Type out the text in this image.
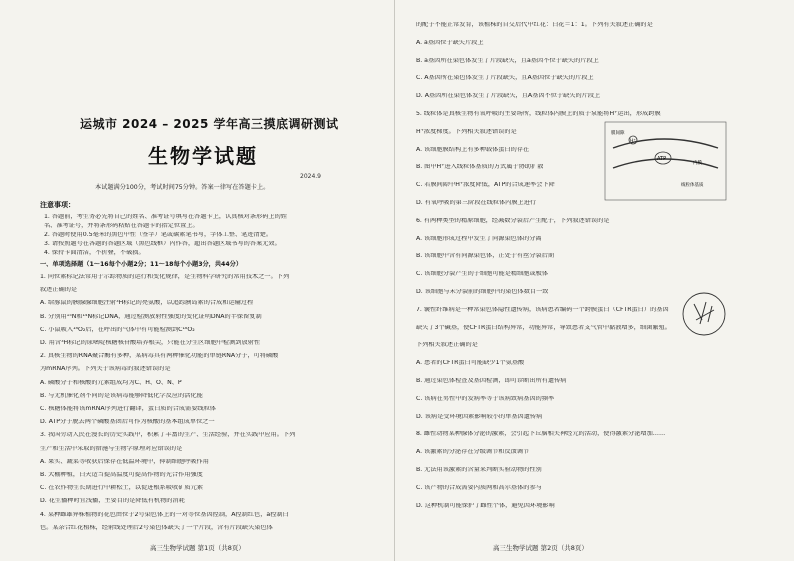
运城市 2024 – 2025 学年高三摸底调研测试
生物学试题
2024.9
本试题满分100分，考试时间75分钟。答案一律写在答题卡上。
注意事项：
1. 答题前，考生务必先将自己的姓名、准考证号填写在答题卡上，认真核对条形码上的姓
名、准考证号，并将条形码粘贴在答题卡的指定位置上。
2. 答题时使用0.5毫米的黑色中性（签字）笔或碳素笔书写，字体工整、笔迹清楚。
3. 请按照题号在各题的答题区域（黑色线框）内作答，超出答题区域书写的答案无效。
4. 保持卡面清洁，不折叠，不破损。
一、单项选择题（1～16每个小题2分；11～18每个小题3分，共44分）
1. 同位素标记法常用于示踪物质的运行和变化规律，是生物科学研究的常用技术之一。下列
叙述正确的是
A. 给豚鼠的胰腺腺细胞注射³H标记的亮氨酸，以追踪胰岛素的合成和运输过程
B. 分别用¹⁵N和¹⁴N标记DNA，通过检测放射性强度的变化证明DNA的半保留复制
C. 小鼠吸入¹⁸O₂后，在呼出的气体中有可能检测到C¹⁸O₂
D. 用含³H标记的尿嘧啶核糖核苷酸培养根尖，只能在分生区细胞中检测到放射性
2. 真核生物的RNA聚合酶有多种，某病毒具有两种催化功能的单链RNA分子，可将磷酸
为mRNA序列。下列关于该病毒的叙述错误的是
A. 磷酸分子和核酸的元素组成均为C、H、O、N、P
B. 与无机催化剂不同的是该病毒能够降低化学反应的活化能
C. 核糖体能将该mRNA序列进行翻译，蛋白质的合成需要线粒体
D. ATP分子脱去两个磷酸基团后可作为核酸的基本组成单位之一
3. 我国劳动人民在漫长的历史实践中，积累了丰富的生产、生活经验，并在实践中应用。下列
生产和生活中采取的措施与生物学原理对应错误的是
A. 果实、蔬菜等收获后保存在低温环境中，抑制细胞呼吸作用
B. 大棚种植，白天适当提高温度可提高作物的光合作用强度
C. 在农作物生长期进行中耕松土，以促进根系吸收矿质元素
D. 花生播种时宜浅播，主要目的是降低有机物的消耗
4. 某种雌雄异株植物的花色由位于2号染色体上的一对等位基因控制，A控制红色，a控制白
色。某杂合红花植株，经射线处理后2号染色体缺失了一个片段，含有片段缺失染色体
高三生物学试题 第1页（共8页）
的配子不能正常发育，该植株的自交后代中红花：白花＝1：1。下列有关叙述正确的是
A. a基因位于缺失片段上
B. a基因所在染色体发生了片段缺失，且a基因不位于缺失的片段上
C. A基因所在染色体发生了片段缺失，且A基因位于缺失的片段上
D. A基因所在染色体发生了片段缺失，且A基因不位于缺失的片段上
5. 线粒体是真核生物有氧呼吸的主要场所，线粒体内膜上的质子泵能将H⁺运出，形成跨膜
H⁺浓度梯度。下列相关叙述错误的是
A. 该细胞膜结构上有多种载体蛋白的存在
B. 图中H⁺进入线粒体基质的方式属于协助扩散
C. 若膜间隙中H⁺浓度降低，ATP的合成速率会下降
D. 有氧呼吸的第三阶段在线粒体内膜上进行
6. 有两种类型的精原细胞，经减数分裂后产生配子，下列叙述错误的是
A. 该细胞形成过程中发生了同源染色体的分离
B. 该细胞中含有同源染色体，正处于有丝分裂后期
C. 该细胞分裂产生的子细胞可能是精细胞或极体
D. 该细胞与未分裂前的细胞中的染色体数目一致
7. 囊性纤维病是一种常染色体隐性遗传病，该病患者编码一个跨膜蛋白（CFTR蛋白）的基因
缺失了3个碱基，使CFTR蛋白结构异常，功能异常，导致患者支气管中黏液增多，细菌繁殖。
下列相关叙述正确的是
A. 患者的CFTR蛋白可能缺少1个氨基酸
B. 通过染色体检查及基因检测，即可诊断出所有遗传病
C. 该病在男性中的发病率等于该病致病基因的频率
D. 该病是受环境因素影响较小的单基因遗传病
8. 雌性动物某种腺体分泌的激素，会引起下丘脑相关神经元的活动，使得激素分泌增加……
A. 该激素的分泌存在分级调节和反馈调节
B. 无法用该激素的含量来判断实验动物的性别
C. 该产物的合成需要内质网和高尔基体的参与
D. 这种机制可能保护了雌性个体，避免因环境影响
ATP
H⁺
线粒体基质
内膜
膜间隙
高三生物学试题 第2页（共8页）
